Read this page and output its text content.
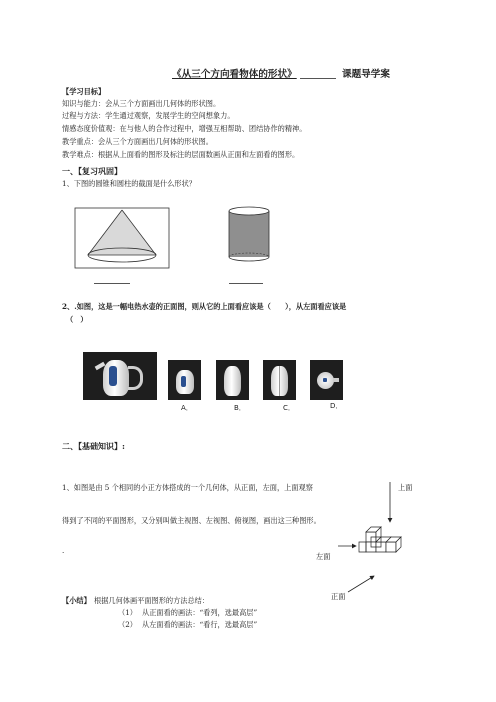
《从三个方向看物体的形状》	课题导学案
【学习目标】
知识与能力：会从三个方面画出几何体的形状图。
过程与方法：学生通过观察，发展学生的空间想象力。
情感态度价值观：在与他人的合作过程中，增强互相帮助、团结协作的精神。
教学重点：会从三个方面画出几何体的形状图。
教学难点：根据从上面看的图形及标注的层面数画从正面和左面看的图形。
一、【复习巩固】
1、下图的圆锥和圆柱的截面是什么形状？
2、.如图，这是一幅电热水壶的正面图，则从它的上面看应该是（　　），从左面看应该是
（　）
A．	B．	C．	D．
二、【基础知识】:
1、如图是由 5 个相同的小正方体搭成的一个几何体，从正面，左面，上面观察
得到了不同的平面图形，又分别叫做主视图、左视图、俯视图，画出这三种图形。
.
上面
左面
正面
【小结】 根据几何体画平面图形的方法总结：
（1） 从正面看的画法：“看列，选最高层”
（2） 从左面看的画法：“看行，选最高层”
